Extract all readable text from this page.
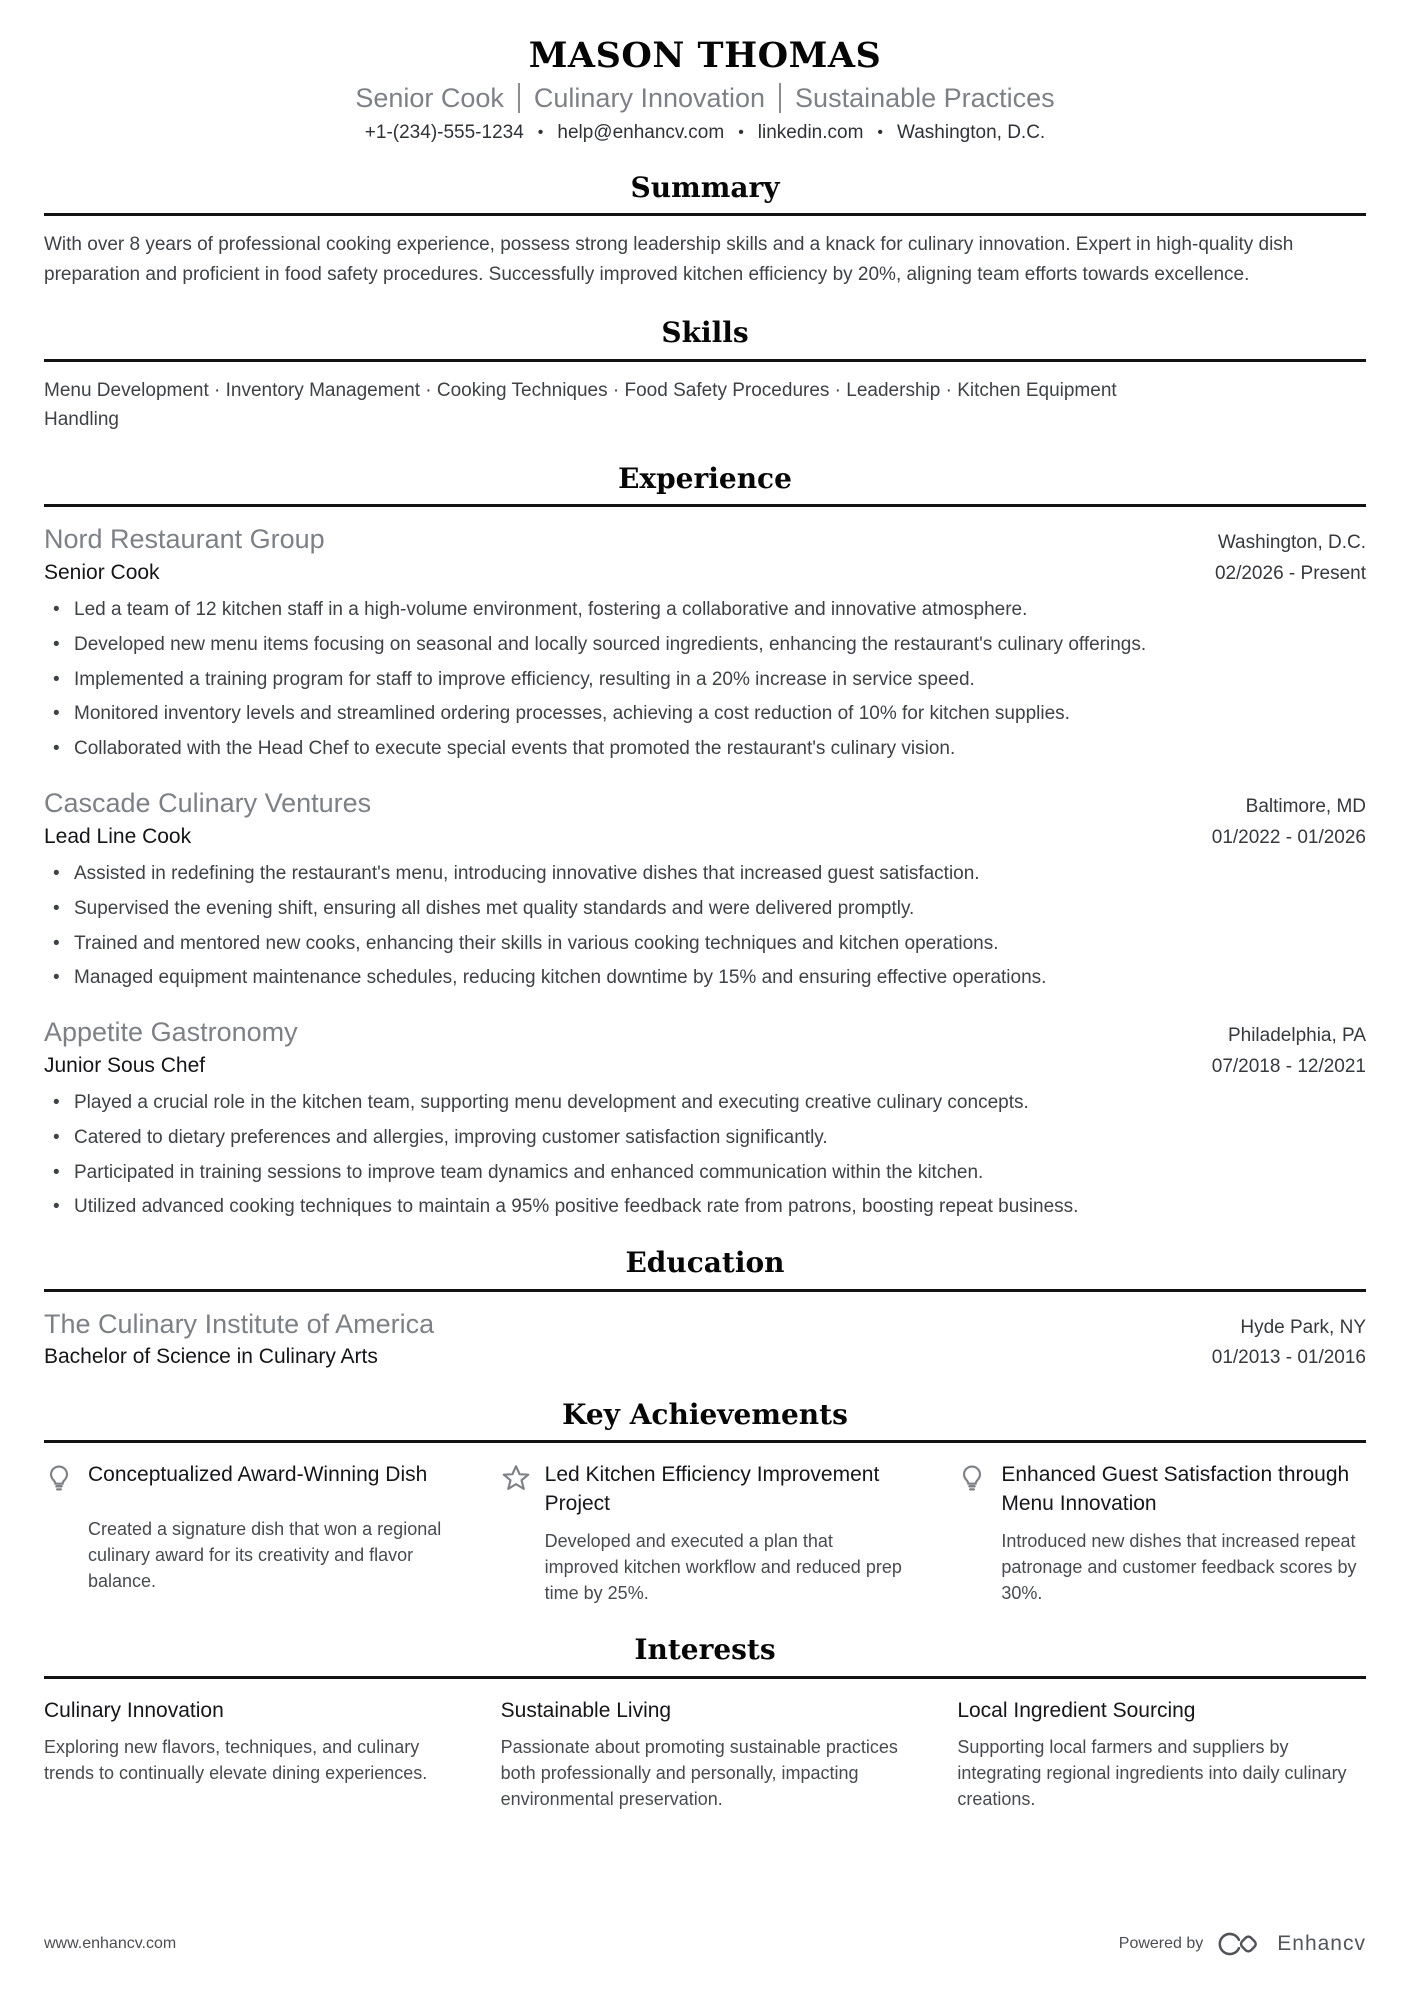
MASON THOMAS
Senior Cook Culinary Innovation Sustainable Practices
+1-(234)-555-1234 • help@enhancv.com • linkedin.com • Washington, D.C.
Summary
With over 8 years of professional cooking experience, possess strong leadership skills and a knack for culinary innovation. Expert in high-quality dish preparation and proficient in food safety procedures. Successfully improved kitchen efficiency by 20%, aligning team efforts towards excellence.
Skills
Menu Development · Inventory Management · Cooking Techniques · Food Safety Procedures · Leadership · Kitchen Equipment Handling
Experience
Nord Restaurant Group	Washington, D.C.
Senior Cook	02/2026 - Present
• Led a team of 12 kitchen staff in a high-volume environment, fostering a collaborative and innovative atmosphere.
• Developed new menu items focusing on seasonal and locally sourced ingredients, enhancing the restaurant's culinary offerings.
• Implemented a training program for staff to improve efficiency, resulting in a 20% increase in service speed.
• Monitored inventory levels and streamlined ordering processes, achieving a cost reduction of 10% for kitchen supplies.
• Collaborated with the Head Chef to execute special events that promoted the restaurant's culinary vision.
Cascade Culinary Ventures	Baltimore, MD
Lead Line Cook	01/2022 - 01/2026
• Assisted in redefining the restaurant's menu, introducing innovative dishes that increased guest satisfaction.
• Supervised the evening shift, ensuring all dishes met quality standards and were delivered promptly.
• Trained and mentored new cooks, enhancing their skills in various cooking techniques and kitchen operations.
• Managed equipment maintenance schedules, reducing kitchen downtime by 15% and ensuring effective operations.
Appetite Gastronomy	Philadelphia, PA
Junior Sous Chef	07/2018 - 12/2021
• Played a crucial role in the kitchen team, supporting menu development and executing creative culinary concepts.
• Catered to dietary preferences and allergies, improving customer satisfaction significantly.
• Participated in training sessions to improve team dynamics and enhanced communication within the kitchen.
• Utilized advanced cooking techniques to maintain a 95% positive feedback rate from patrons, boosting repeat business.
Education
The Culinary Institute of America	Hyde Park, NY
Bachelor of Science in Culinary Arts	01/2013 - 01/2016
Key Achievements
Conceptualized Award-Winning Dish
Created a signature dish that won a regional culinary award for its creativity and flavor balance.
Led Kitchen Efficiency Improvement Project
Developed and executed a plan that improved kitchen workflow and reduced prep time by 25%.
Enhanced Guest Satisfaction through Menu Innovation
Introduced new dishes that increased repeat patronage and customer feedback scores by 30%.
Interests
Culinary Innovation
Exploring new flavors, techniques, and culinary trends to continually elevate dining experiences.
Sustainable Living
Passionate about promoting sustainable practices both professionally and personally, impacting environmental preservation.
Local Ingredient Sourcing
Supporting local farmers and suppliers by integrating regional ingredients into daily culinary creations.
www.enhancv.com	Powered by	Enhancv
